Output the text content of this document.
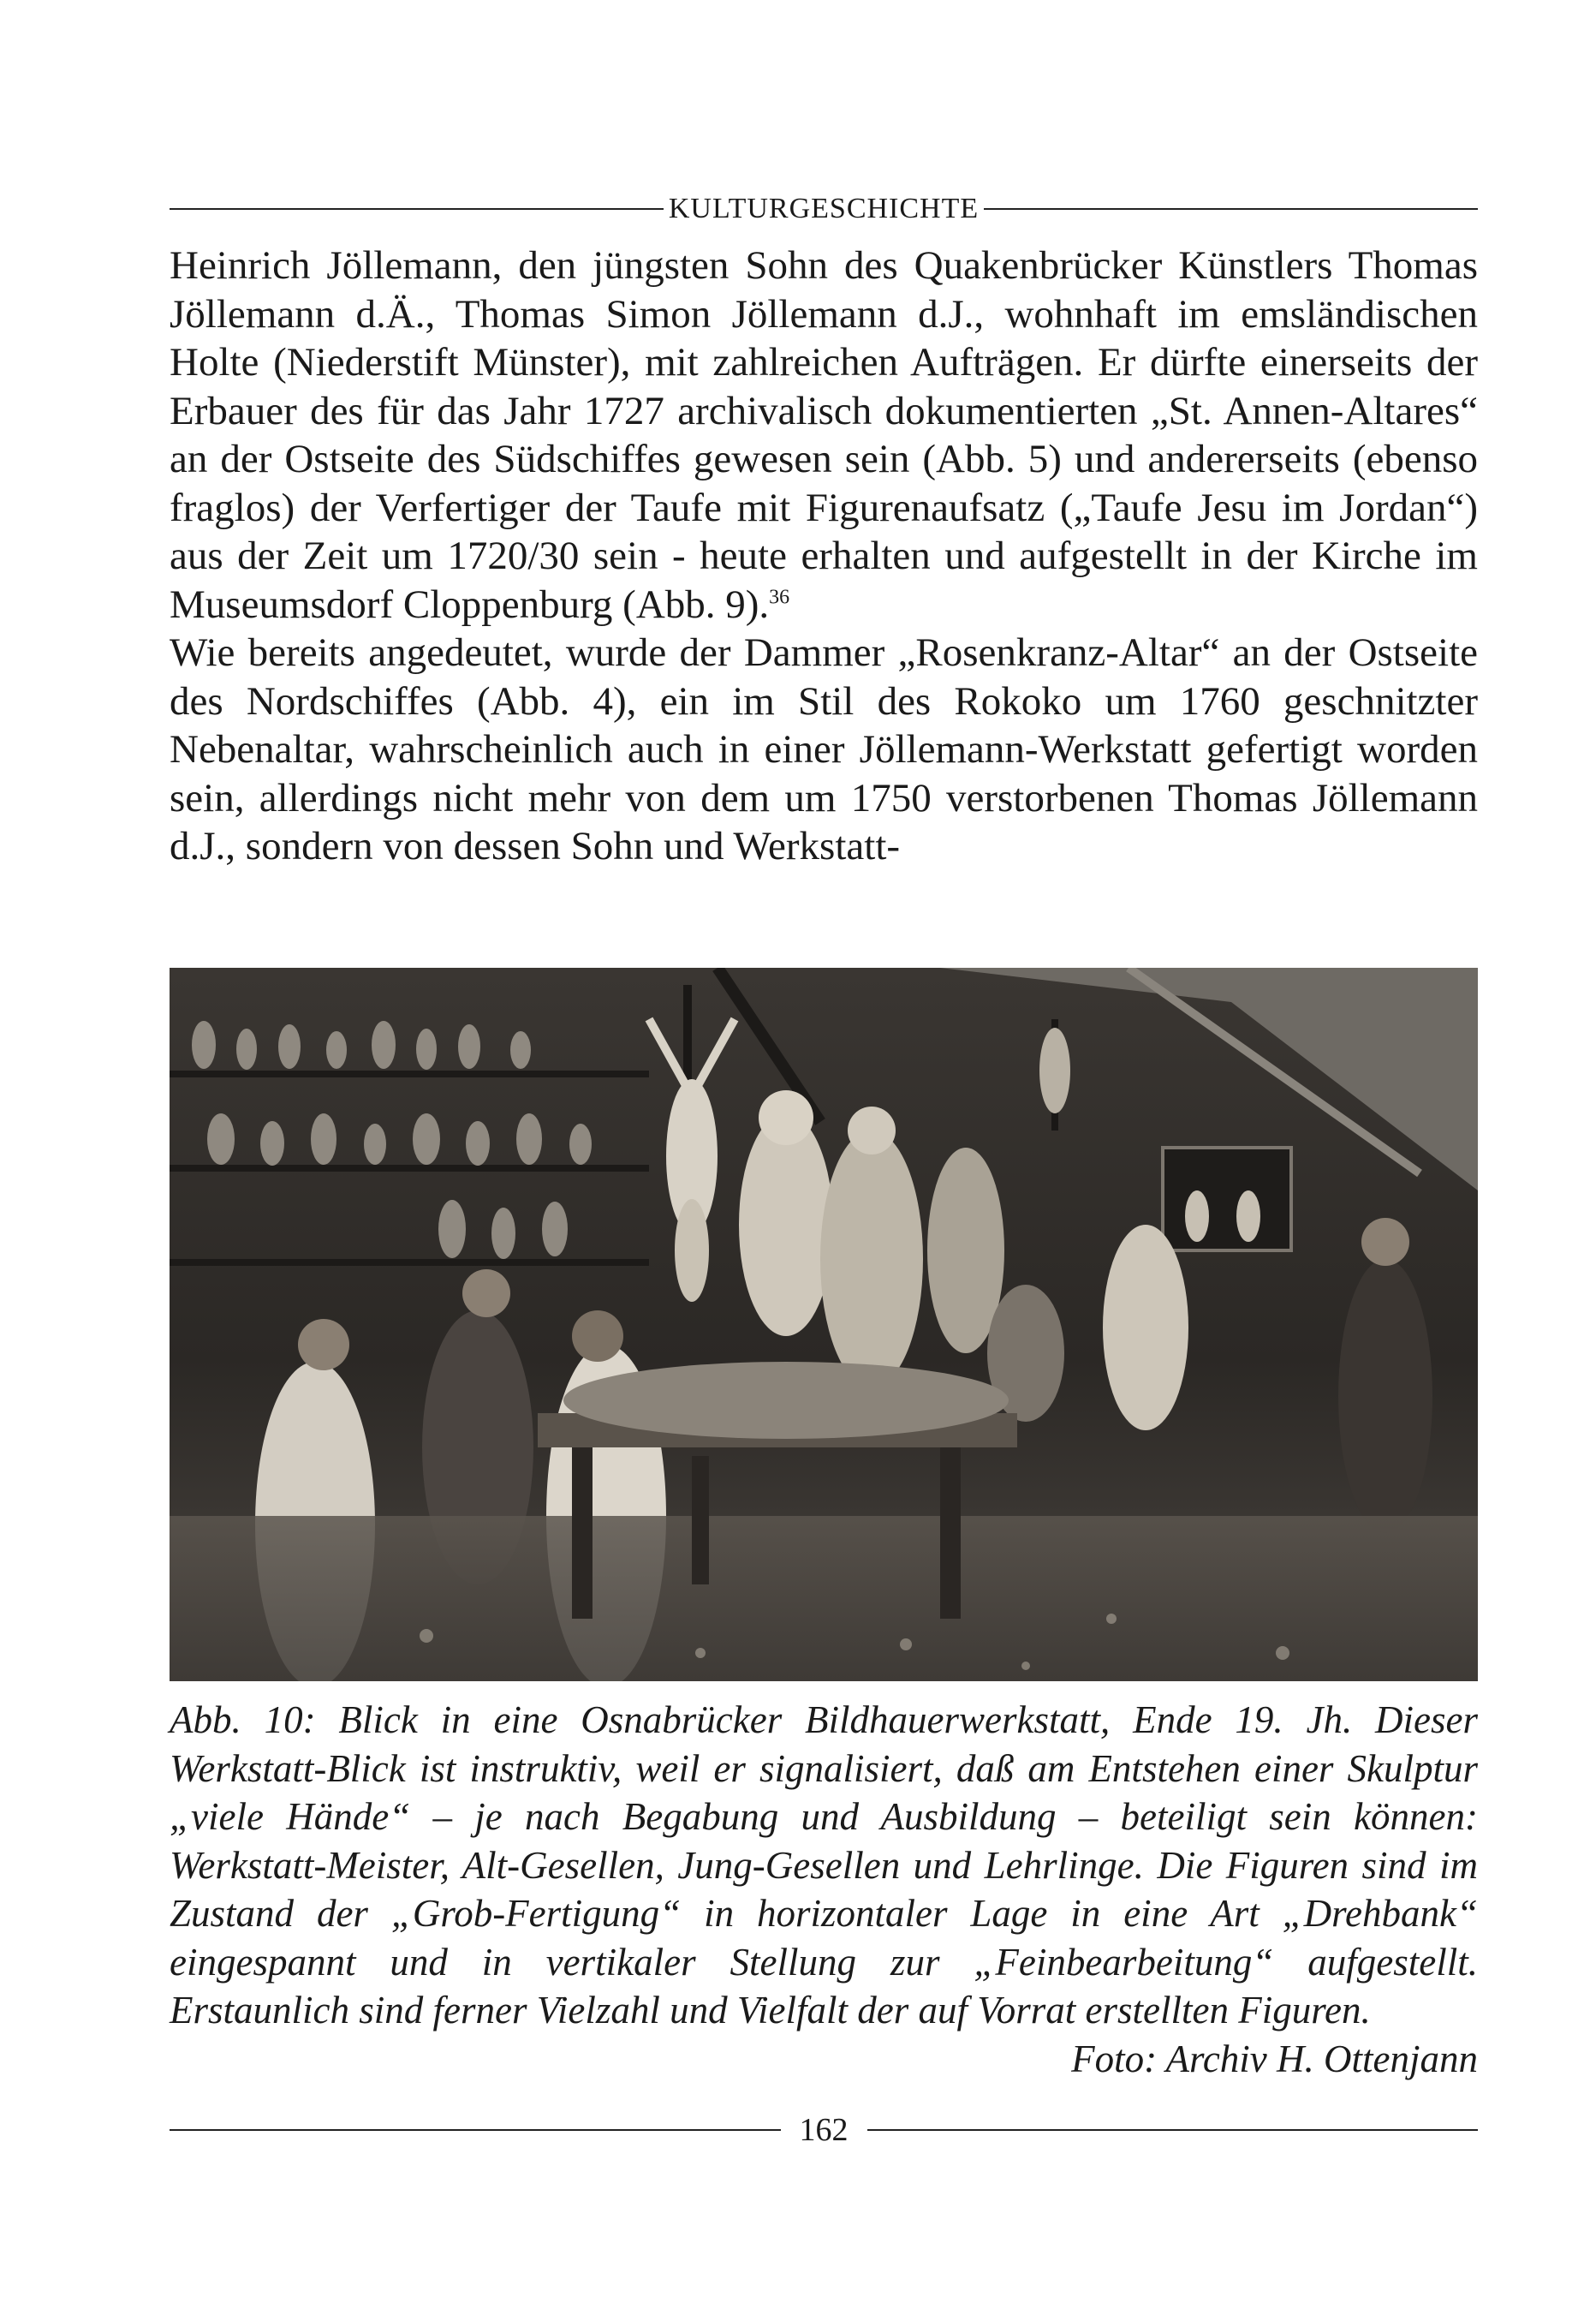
KULTURGESCHICHTE

Heinrich Jöllemann, den jüngsten Sohn des Quakenbrücker Künstlers Thomas Jöllemann d.Ä., Thomas Simon Jöllemann d.J., wohnhaft im emsländischen Holte (Niederstift Münster), mit zahlreichen Aufträgen. Er dürfte einerseits der Erbauer des für das Jahr 1727 archivalisch dokumentierten „St. Annen-Altares“ an der Ostseite des Südschiffes gewesen sein (Abb. 5) und andererseits (ebenso fraglos) der Verfertiger der Taufe mit Figurenaufsatz („Taufe Jesu im Jordan“) aus der Zeit um 1720/30 sein - heute erhalten und aufgestellt in der Kirche im Museumsdorf Cloppenburg (Abb. 9).$^{36}$

Wie bereits angedeutet, wurde der Dammer „Rosenkranz-Altar“ an der Ostseite des Nordschiffes (Abb. 4), ein im Stil des Rokoko um 1760 geschnitzter Nebenaltar, wahrscheinlich auch in einer Jöllemann-Werkstatt gefertigt worden sein, allerdings nicht mehr von dem um 1750 verstorbenen Thomas Jöllemann d.J., sondern von dessen Sohn und Werkstatt-

Abb. 10: Blick in eine Osnabrücker Bildhauerwerkstatt, Ende 19. Jh. Dieser Werkstatt-Blick ist instruktiv, weil er signalisiert, daß am Entstehen einer Skulptur „viele Hände“ – je nach Begabung und Ausbildung – beteiligt sein können: Werkstatt-Meister, Alt-Gesellen, Jung-Gesellen und Lehrlinge. Die Figuren sind im Zustand der „Grob-Fertigung“ in horizontaler Lage in eine Art „Drehbank“ eingespannt und in vertikaler Stellung zur „Feinbearbeitung“ aufgestellt. Erstaunlich sind ferner Vielzahl und Vielfalt der auf Vorrat erstellten Figuren.
Foto: Archiv H. Ottenjann
162
